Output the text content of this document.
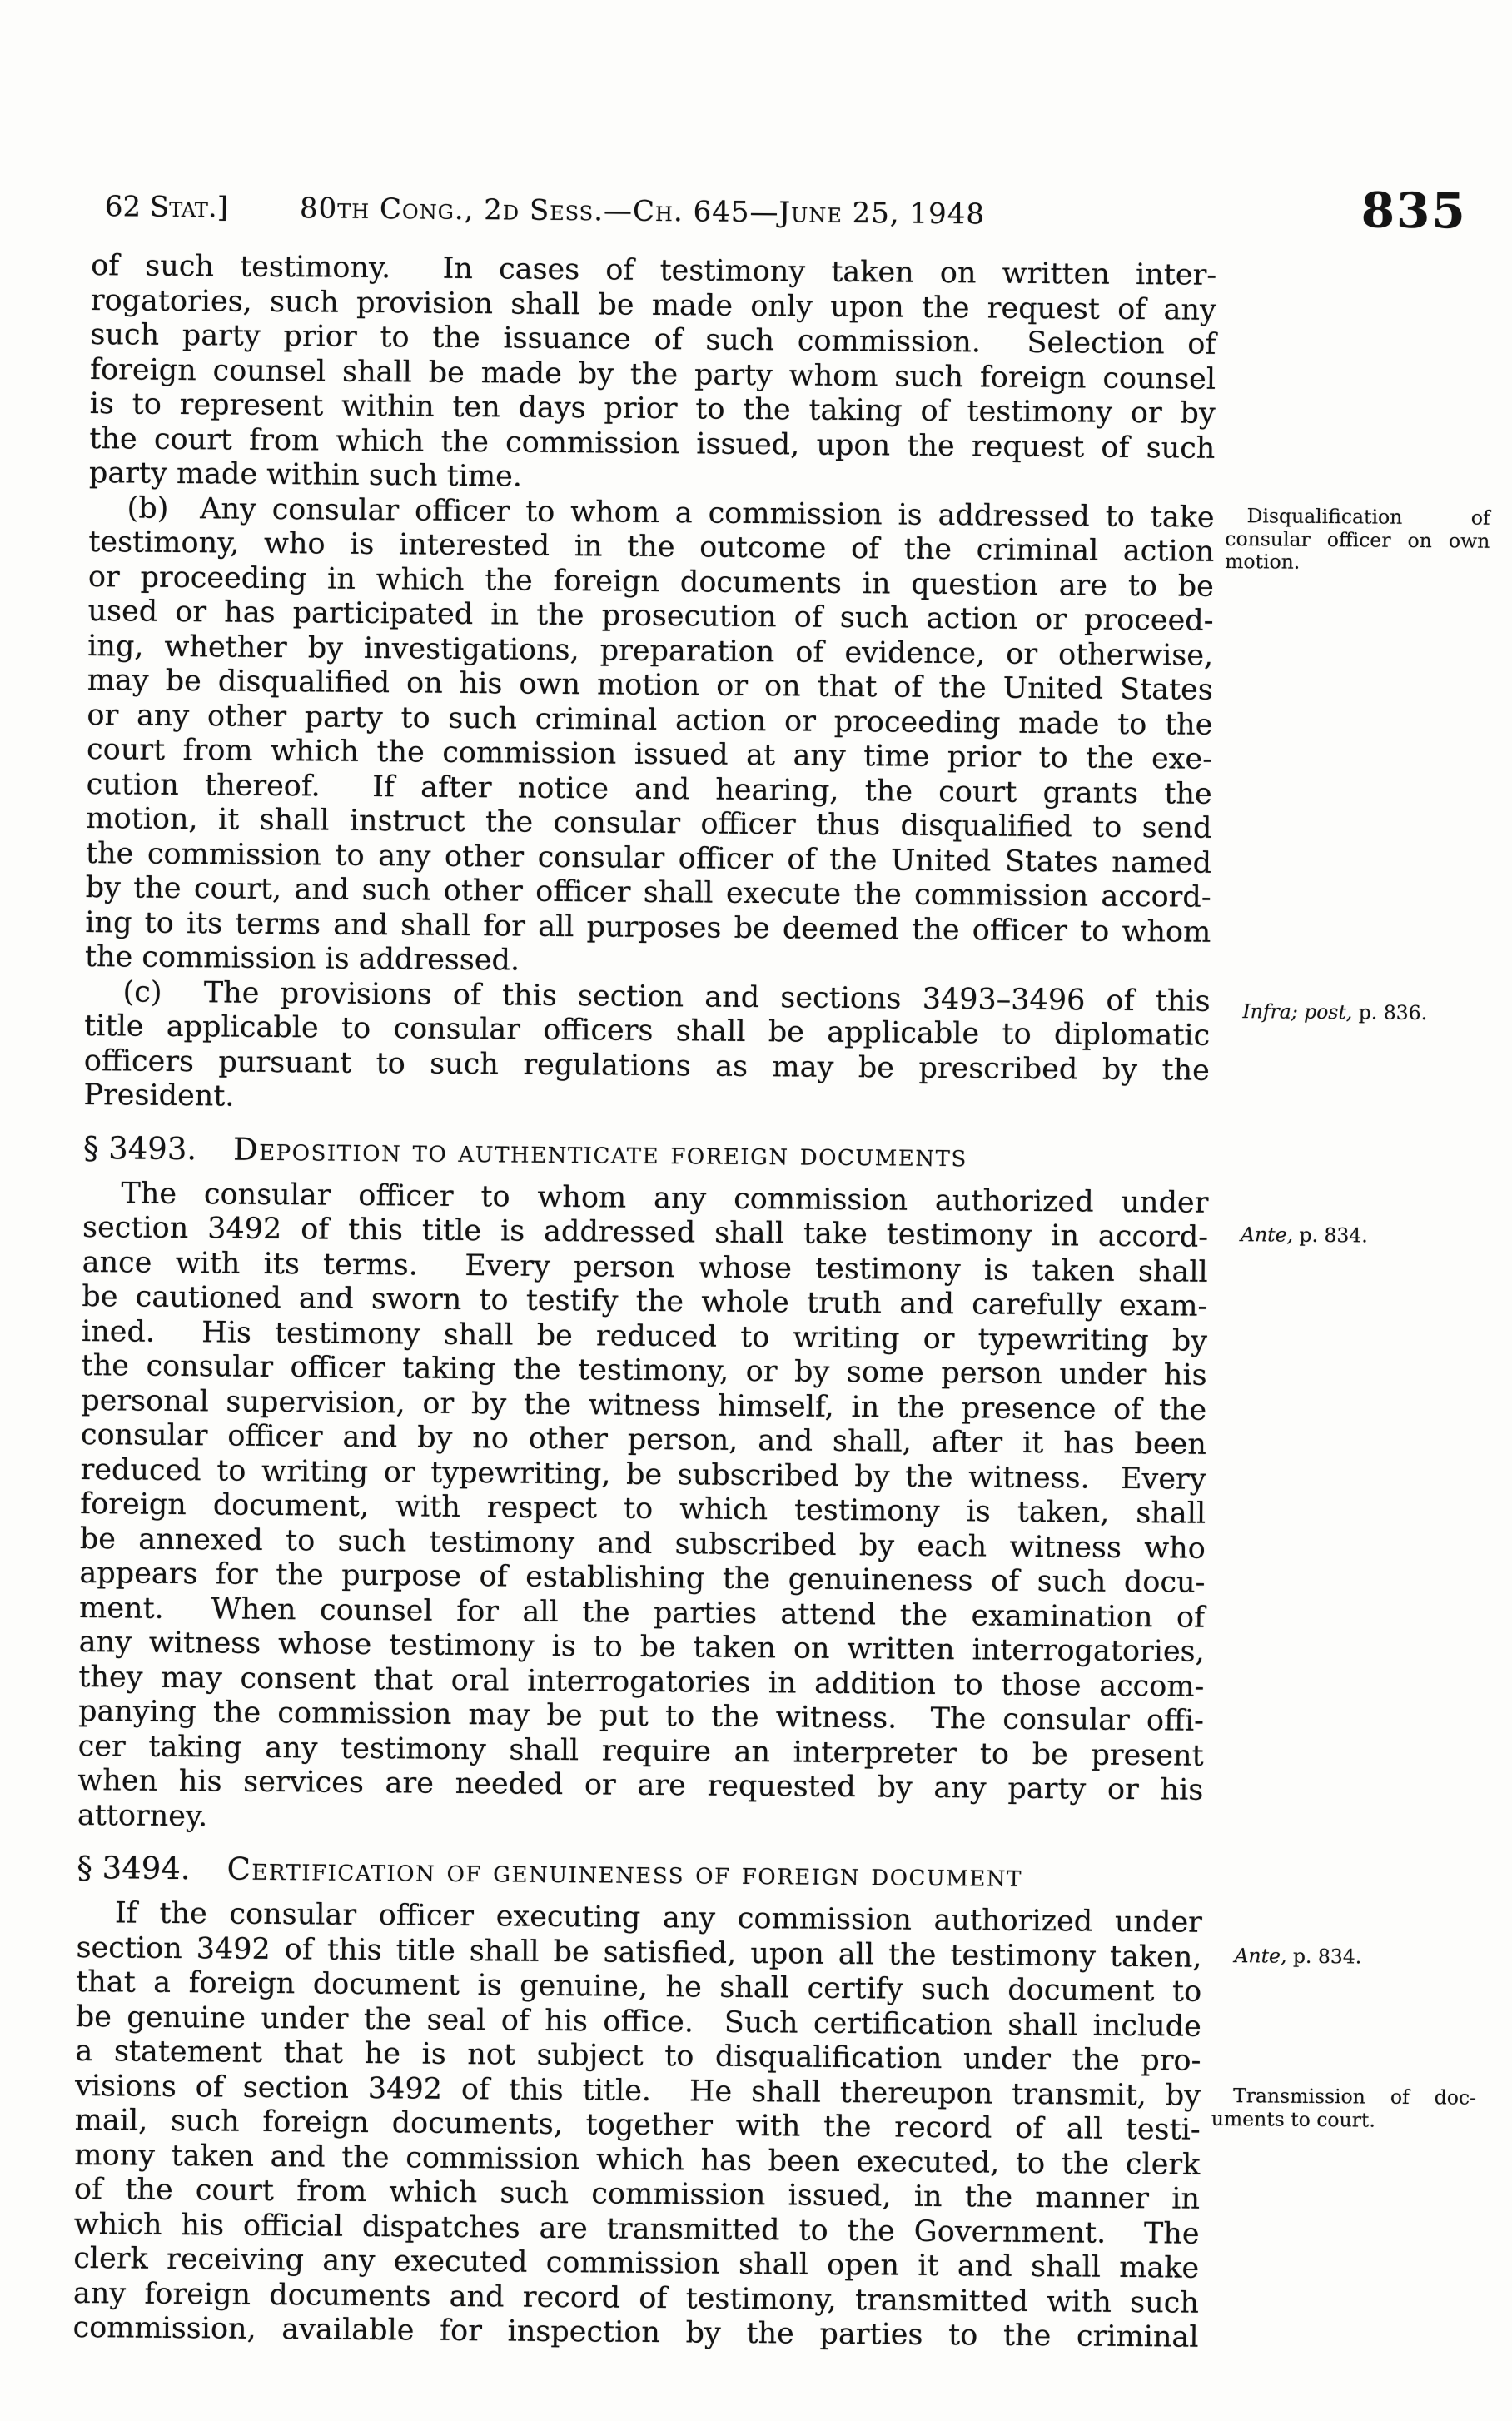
62 Stat.]	80th Cong., 2d Sess.—Ch. 645—June 25, 1948	835
of such testimony.  In cases of testimony taken on written inter-
rogatories, such provision shall be made only upon the request of any
such party prior to the issuance of such commission.  Selection of
foreign counsel shall be made by the party whom such foreign counsel
is to represent within ten days prior to the taking of testimony or by
the court from which the commission issued, upon the request of such
party made within such time.
(b)  Any consular officer to whom a commission is addressed to take
testimony, who is interested in the outcome of the criminal action
or proceeding in which the foreign documents in question are to be
used or has participated in the prosecution of such action or proceed-
ing, whether by investigations, preparation of evidence, or otherwise,
may be disqualified on his own motion or on that of the United States
or any other party to such criminal action or proceeding made to the
court from which the commission issued at any time prior to the exe-
cution thereof.  If after notice and hearing, the court grants the
motion, it shall instruct the consular officer thus disqualified to send
the commission to any other consular officer of the United States named
by the court, and such other officer shall execute the commission accord-
ing to its terms and shall for all purposes be deemed the officer to whom
the commission is addressed.
(c)  The provisions of this section and sections 3493–3496 of this
title applicable to consular officers shall be applicable to diplomatic
officers pursuant to such regulations as may be prescribed by the
President.
§ 3493. Deposition to authenticate foreign documents
The consular officer to whom any commission authorized under
section 3492 of this title is addressed shall take testimony in accord-
ance with its terms.  Every person whose testimony is taken shall
be cautioned and sworn to testify the whole truth and carefully exam-
ined.  His testimony shall be reduced to writing or typewriting by
the consular officer taking the testimony, or by some person under his
personal supervision, or by the witness himself, in the presence of the
consular officer and by no other person, and shall, after it has been
reduced to writing or typewriting, be subscribed by the witness.  Every
foreign document, with respect to which testimony is taken, shall
be annexed to such testimony and subscribed by each witness who
appears for the purpose of establishing the genuineness of such docu-
ment.  When counsel for all the parties attend the examination of
any witness whose testimony is to be taken on written interrogatories,
they may consent that oral interrogatories in addition to those accom-
panying the commission may be put to the witness.  The consular offi-
cer taking any testimony shall require an interpreter to be present
when his services are needed or are requested by any party or his
attorney.
§ 3494. Certification of genuineness of foreign document
If the consular officer executing any commission authorized under
section 3492 of this title shall be satisfied, upon all the testimony taken,
that a foreign document is genuine, he shall certify such document to
be genuine under the seal of his office.  Such certification shall include
a statement that he is not subject to disqualification under the pro-
visions of section 3492 of this title.  He shall thereupon transmit, by
mail, such foreign documents, together with the record of all testi-
mony taken and the commission which has been executed, to the clerk
of the court from which such commission issued, in the manner in
which his official dispatches are transmitted to the Government.  The
clerk receiving any executed commission shall open it and shall make
any foreign documents and record of testimony, transmitted with such
commission, available for inspection by the parties to the criminal
Disqualification of
consular officer on own
motion.
Infra; post, p. 836.
Ante, p. 834.
Ante, p. 834.
Transmission of doc-
uments to court.
